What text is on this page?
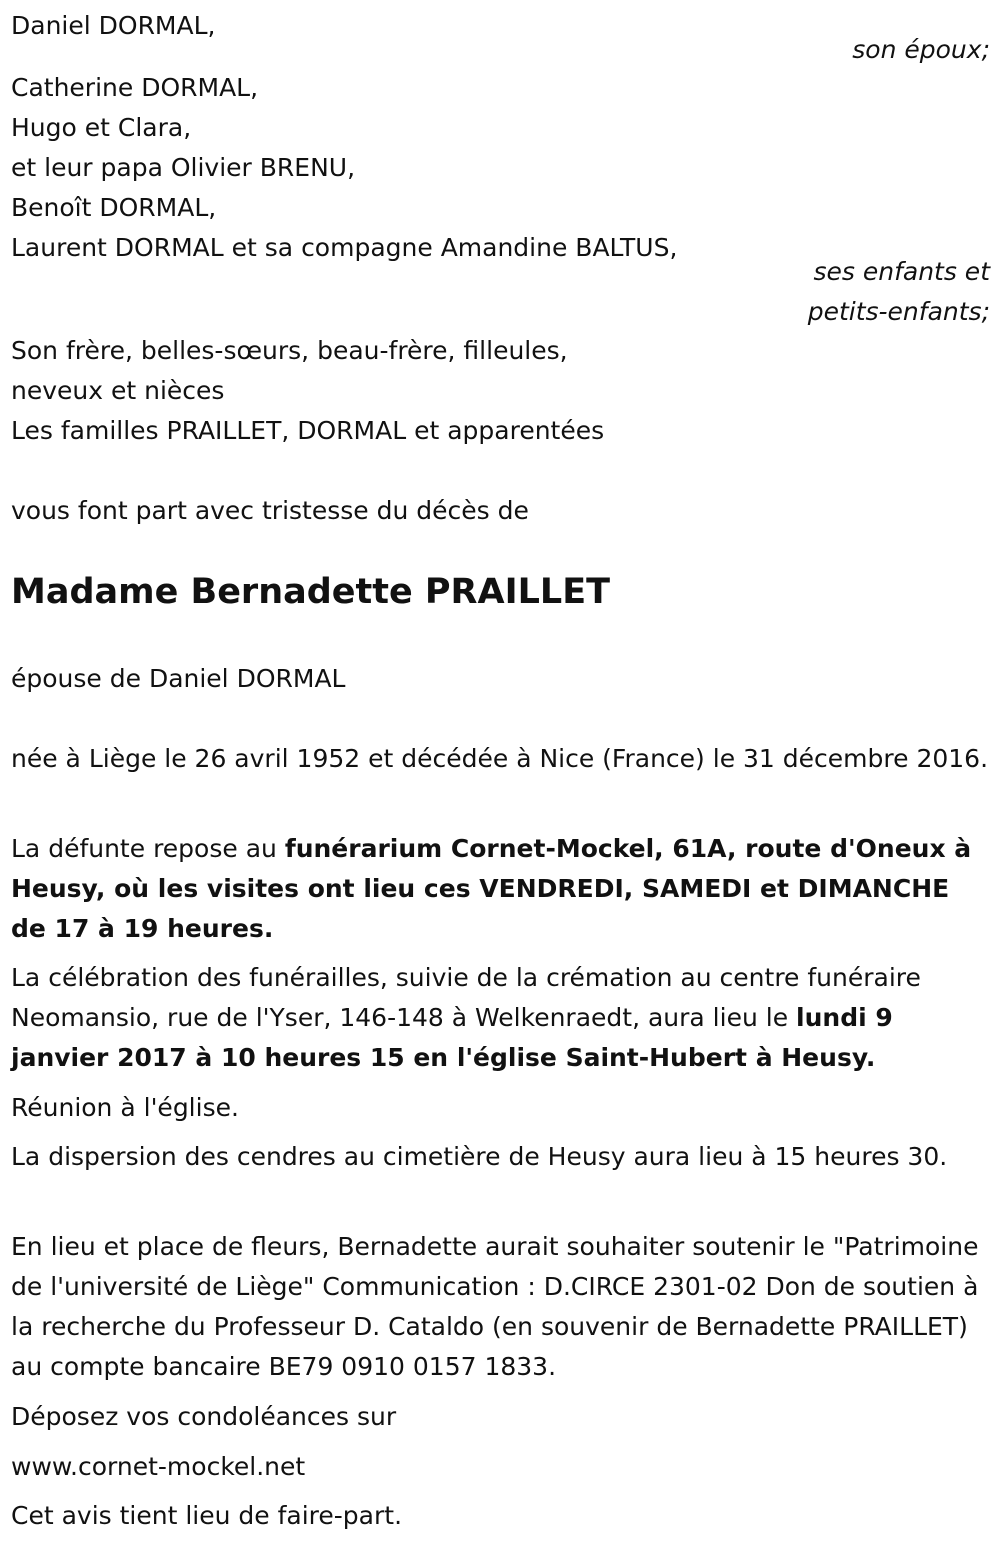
Daniel DORMAL,
son époux;
Catherine DORMAL,
Hugo et Clara,
et leur papa Olivier BRENU,
Benoît DORMAL,
Laurent DORMAL et sa compagne Amandine BALTUS,
ses enfants et
petits-enfants;
Son frère, belles-sœurs, beau-frère, filleules,
neveux et nièces
Les familles PRAILLET, DORMAL et apparentées
vous font part avec tristesse du décès de
Madame Bernadette PRAILLET
épouse de Daniel DORMAL
née à Liège le 26 avril 1952 et décédée à Nice (France) le 31 décembre 2016.
La défunte repose au funérarium Cornet-Mockel, 61A, route d'Oneux à Heusy, où les visites ont lieu ces VENDREDI, SAMEDI et DIMANCHE de 17 à 19 heures.
La célébration des funérailles, suivie de la crémation au centre funéraire Neomansio, rue de l'Yser, 146-148 à Welkenraedt, aura lieu le lundi 9 janvier 2017 à 10 heures 15 en l'église Saint-Hubert à Heusy.
Réunion à l'église.
La dispersion des cendres au cimetière de Heusy aura lieu à 15 heures 30.
En lieu et place de fleurs, Bernadette aurait souhaiter soutenir le "Patrimoine de l'université de Liège" Communication : D.CIRCE 2301-02 Don de soutien à la recherche du Professeur D. Cataldo (en souvenir de Bernadette PRAILLET) au compte bancaire BE79 0910 0157 1833.
Déposez vos condoléances sur
www.cornet-mockel.net
Cet avis tient lieu de faire-part.
